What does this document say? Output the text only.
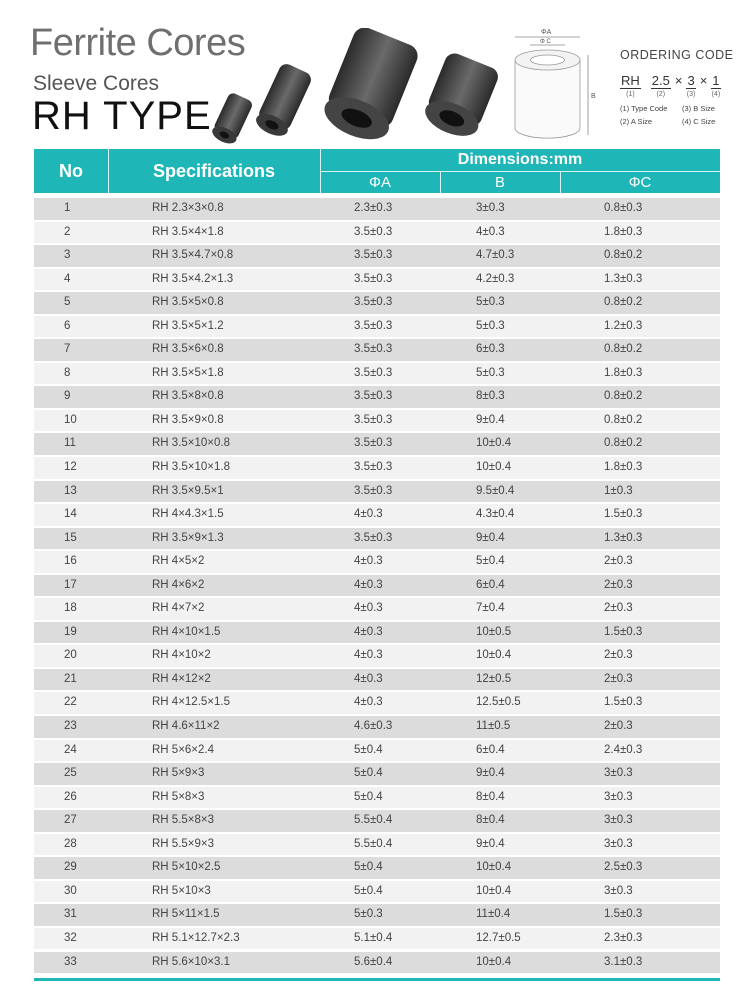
Ferrite Cores
Sleeve Cores
RH TYPE
ΦA
Φ C
B
ORDERING CODE
RH
(1)
2.5
(2)
× 3
(3)
× 1
(4)
(1) Type Code	(3) B Size
(2) A Size	(4) C Size
No	Specifications
Dimensions:mm
ΦA	B	ΦC
1	RH 2.3×3×0.8	2.3±0.3	3±0.3	0.8±0.3
2	RH 3.5×4×1.8	3.5±0.3	4±0.3	1.8±0.3
3	RH 3.5×4.7×0.8	3.5±0.3	4.7±0.3	0.8±0.2
4	RH 3.5×4.2×1.3	3.5±0.3	4.2±0.3	1.3±0.3
5	RH 3.5×5×0.8	3.5±0.3	5±0.3	0.8±0.2
6	RH 3.5×5×1.2	3.5±0.3	5±0.3	1.2±0.3
7	RH 3.5×6×0.8	3.5±0.3	6±0.3	0.8±0.2
8	RH 3.5×5×1.8	3.5±0.3	5±0.3	1.8±0.3
9	RH 3.5×8×0.8	3.5±0.3	8±0.3	0.8±0.2
10	RH 3.5×9×0.8	3.5±0.3	9±0.4	0.8±0.2
11	RH 3.5×10×0.8	3.5±0.3	10±0.4	0.8±0.2
12	RH 3.5×10×1.8	3.5±0.3	10±0.4	1.8±0.3
13	RH 3.5×9.5×1	3.5±0.3	9.5±0.4	1±0.3
14	RH 4×4.3×1.5	4±0.3	4.3±0.4	1.5±0.3
15	RH 3.5×9×1.3	3.5±0.3	9±0.4	1.3±0.3
16	RH 4×5×2	4±0.3	5±0.4	2±0.3
17	RH 4×6×2	4±0.3	6±0.4	2±0.3
18	RH 4×7×2	4±0.3	7±0.4	2±0.3
19	RH 4×10×1.5	4±0.3	10±0.5	1.5±0.3
20	RH 4×10×2	4±0.3	10±0.4	2±0.3
21	RH 4×12×2	4±0.3	12±0.5	2±0.3
22	RH 4×12.5×1.5	4±0.3	12.5±0.5	1.5±0.3
23	RH 4.6×11×2	4.6±0.3	11±0.5	2±0.3
24	RH 5×6×2.4	5±0.4	6±0.4	2.4±0.3
25	RH 5×9×3	5±0.4	9±0.4	3±0.3
26	RH 5×8×3	5±0.4	8±0.4	3±0.3
27	RH 5.5×8×3	5.5±0.4	8±0.4	3±0.3
28	RH 5.5×9×3	5.5±0.4	9±0.4	3±0.3
29	RH 5×10×2.5	5±0.4	10±0.4	2.5±0.3
30	RH 5×10×3	5±0.4	10±0.4	3±0.3
31	RH 5×11×1.5	5±0.3	11±0.4	1.5±0.3
32	RH 5.1×12.7×2.3	5.1±0.4	12.7±0.5	2.3±0.3
33	RH 5.6×10×3.1	5.6±0.4	10±0.4	3.1±0.3
